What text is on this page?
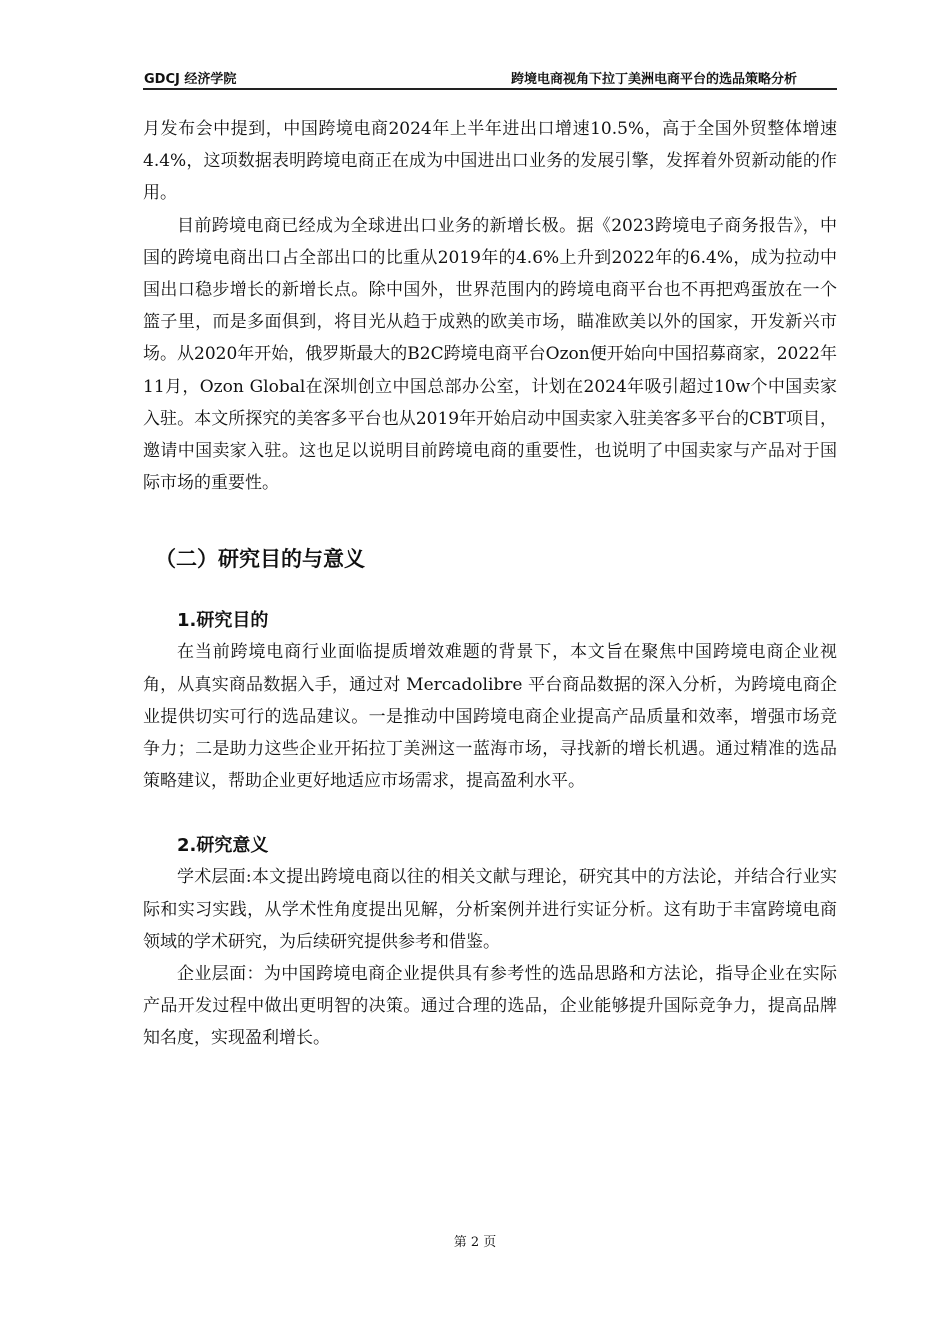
GDCJ 经济学院	跨境电商视角下拉丁美洲电商平台的选品策略分析

月发布会中提到，中国跨境电商2024年上半年进出口增速10.5%，高于全国外贸整体增速4.4%，这项数据表明跨境电商正在成为中国进出口业务的发展引擎，发挥着外贸新动能的作用。

目前跨境电商已经成为全球进出口业务的新增长极。据《2023跨境电子商务报告》，中国的跨境电商出口占全部出口的比重从2019年的4.6%上升到2022年的6.4%，成为拉动中国出口稳步增长的新增长点。除中国外，世界范围内的跨境电商平台也不再把鸡蛋放在一个篮子里，而是多面俱到，将目光从趋于成熟的欧美市场，瞄准欧美以外的国家，开发新兴市场。从2020年开始，俄罗斯最大的B2C跨境电商平台Ozon便开始向中国招募商家，2022年11月，Ozon Global在深圳创立中国总部办公室，计划在2024年吸引超过10w个中国卖家入驻。本文所探究的美客多平台也从2019年开始启动中国卖家入驻美客多平台的CBT项目，邀请中国卖家入驻。这也足以说明目前跨境电商的重要性，也说明了中国卖家与产品对于国际市场的重要性。

（二）研究目的与意义
1.研究目的

在当前跨境电商行业面临提质增效难题的背景下，本文旨在聚焦中国跨境电商企业视角，从真实商品数据入手，通过对 Mercadolibre 平台商品数据的深入分析，为跨境电商企业提供切实可行的选品建议。一是推动中国跨境电商企业提高产品质量和效率，增强市场竞争力；二是助力这些企业开拓拉丁美洲这一蓝海市场，寻找新的增长机遇。通过精准的选品策略建议，帮助企业更好地适应市场需求，提高盈利水平。

2.研究意义

学术层面:本文提出跨境电商以往的相关文献与理论，研究其中的方法论，并结合行业实际和实习实践，从学术性角度提出见解，分析案例并进行实证分析。这有助于丰富跨境电商领域的学术研究，为后续研究提供参考和借鉴。

企业层面：为中国跨境电商企业提供具有参考性的选品思路和方法论，指导企业在实际产品开发过程中做出更明智的决策。通过合理的选品，企业能够提升国际竞争力，提高品牌知名度，实现盈利增长。

第 2 页
